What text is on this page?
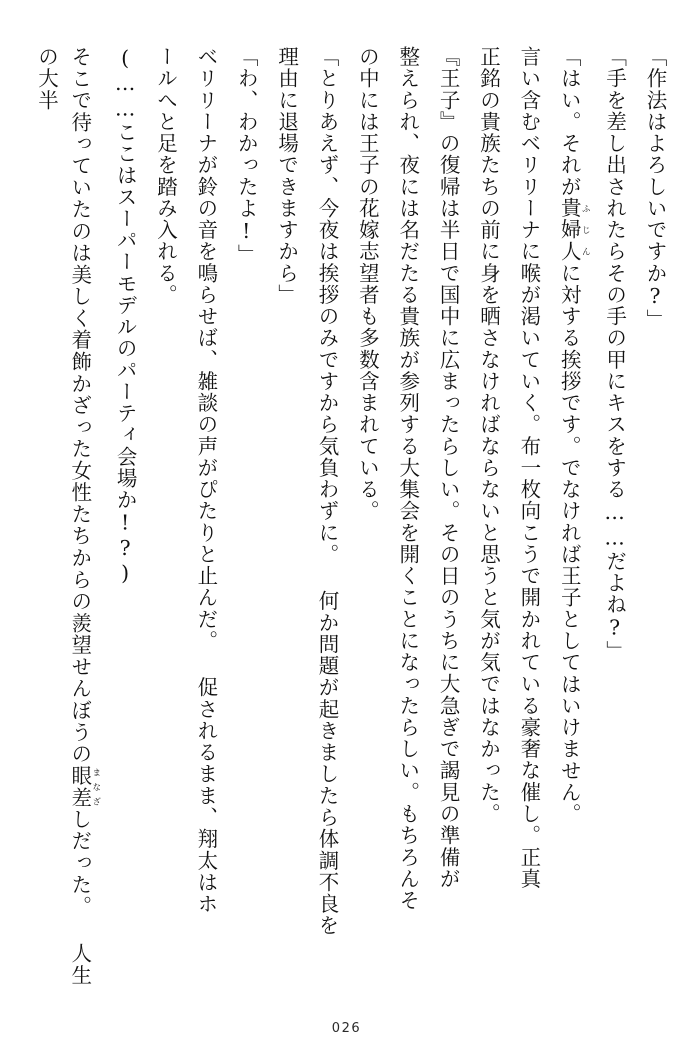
「作法はよろしいですか?」

「手を差し出されたらその手の甲にキスをする……だよね?」

「はい。それが貴婦人 ふじんに対する挨拶です。でなければ王子としてはいけません。

言い含むベリリーナに喉が渇いていく。布一枚向こうで開かれている豪奢な催し。正真

正銘の貴族たちの前に身を晒さなければならないと思うと気が気ではなかった。

『王子』の復帰は半日で国中に広まったらしい。その日のうちに大急ぎで謁見の準備が

整えられ、夜には名だたる貴族が参列する大集会を開くことになったらしい。もちろんそ

の中には王子の花嫁志望者も多数含まれている。

「とりあえず、今夜は挨拶のみですから気負わずに。 何か問題が起きましたら体調不良を

理由に退場できますから」

「わ、わかったよ!」

ベリリーナが鈴の音を鳴らせば、雑談の声がぴたりと止んだ。 促されるまま、翔太はホ

ールへと足を踏み入れる。

(……ここはスーパーモデルのパーティ会場か!?)

そこで待っていたのは美しく着飾かざった女性たちからの羨望せんぼうの眼差 まなざしだった。 人生の大半

026
